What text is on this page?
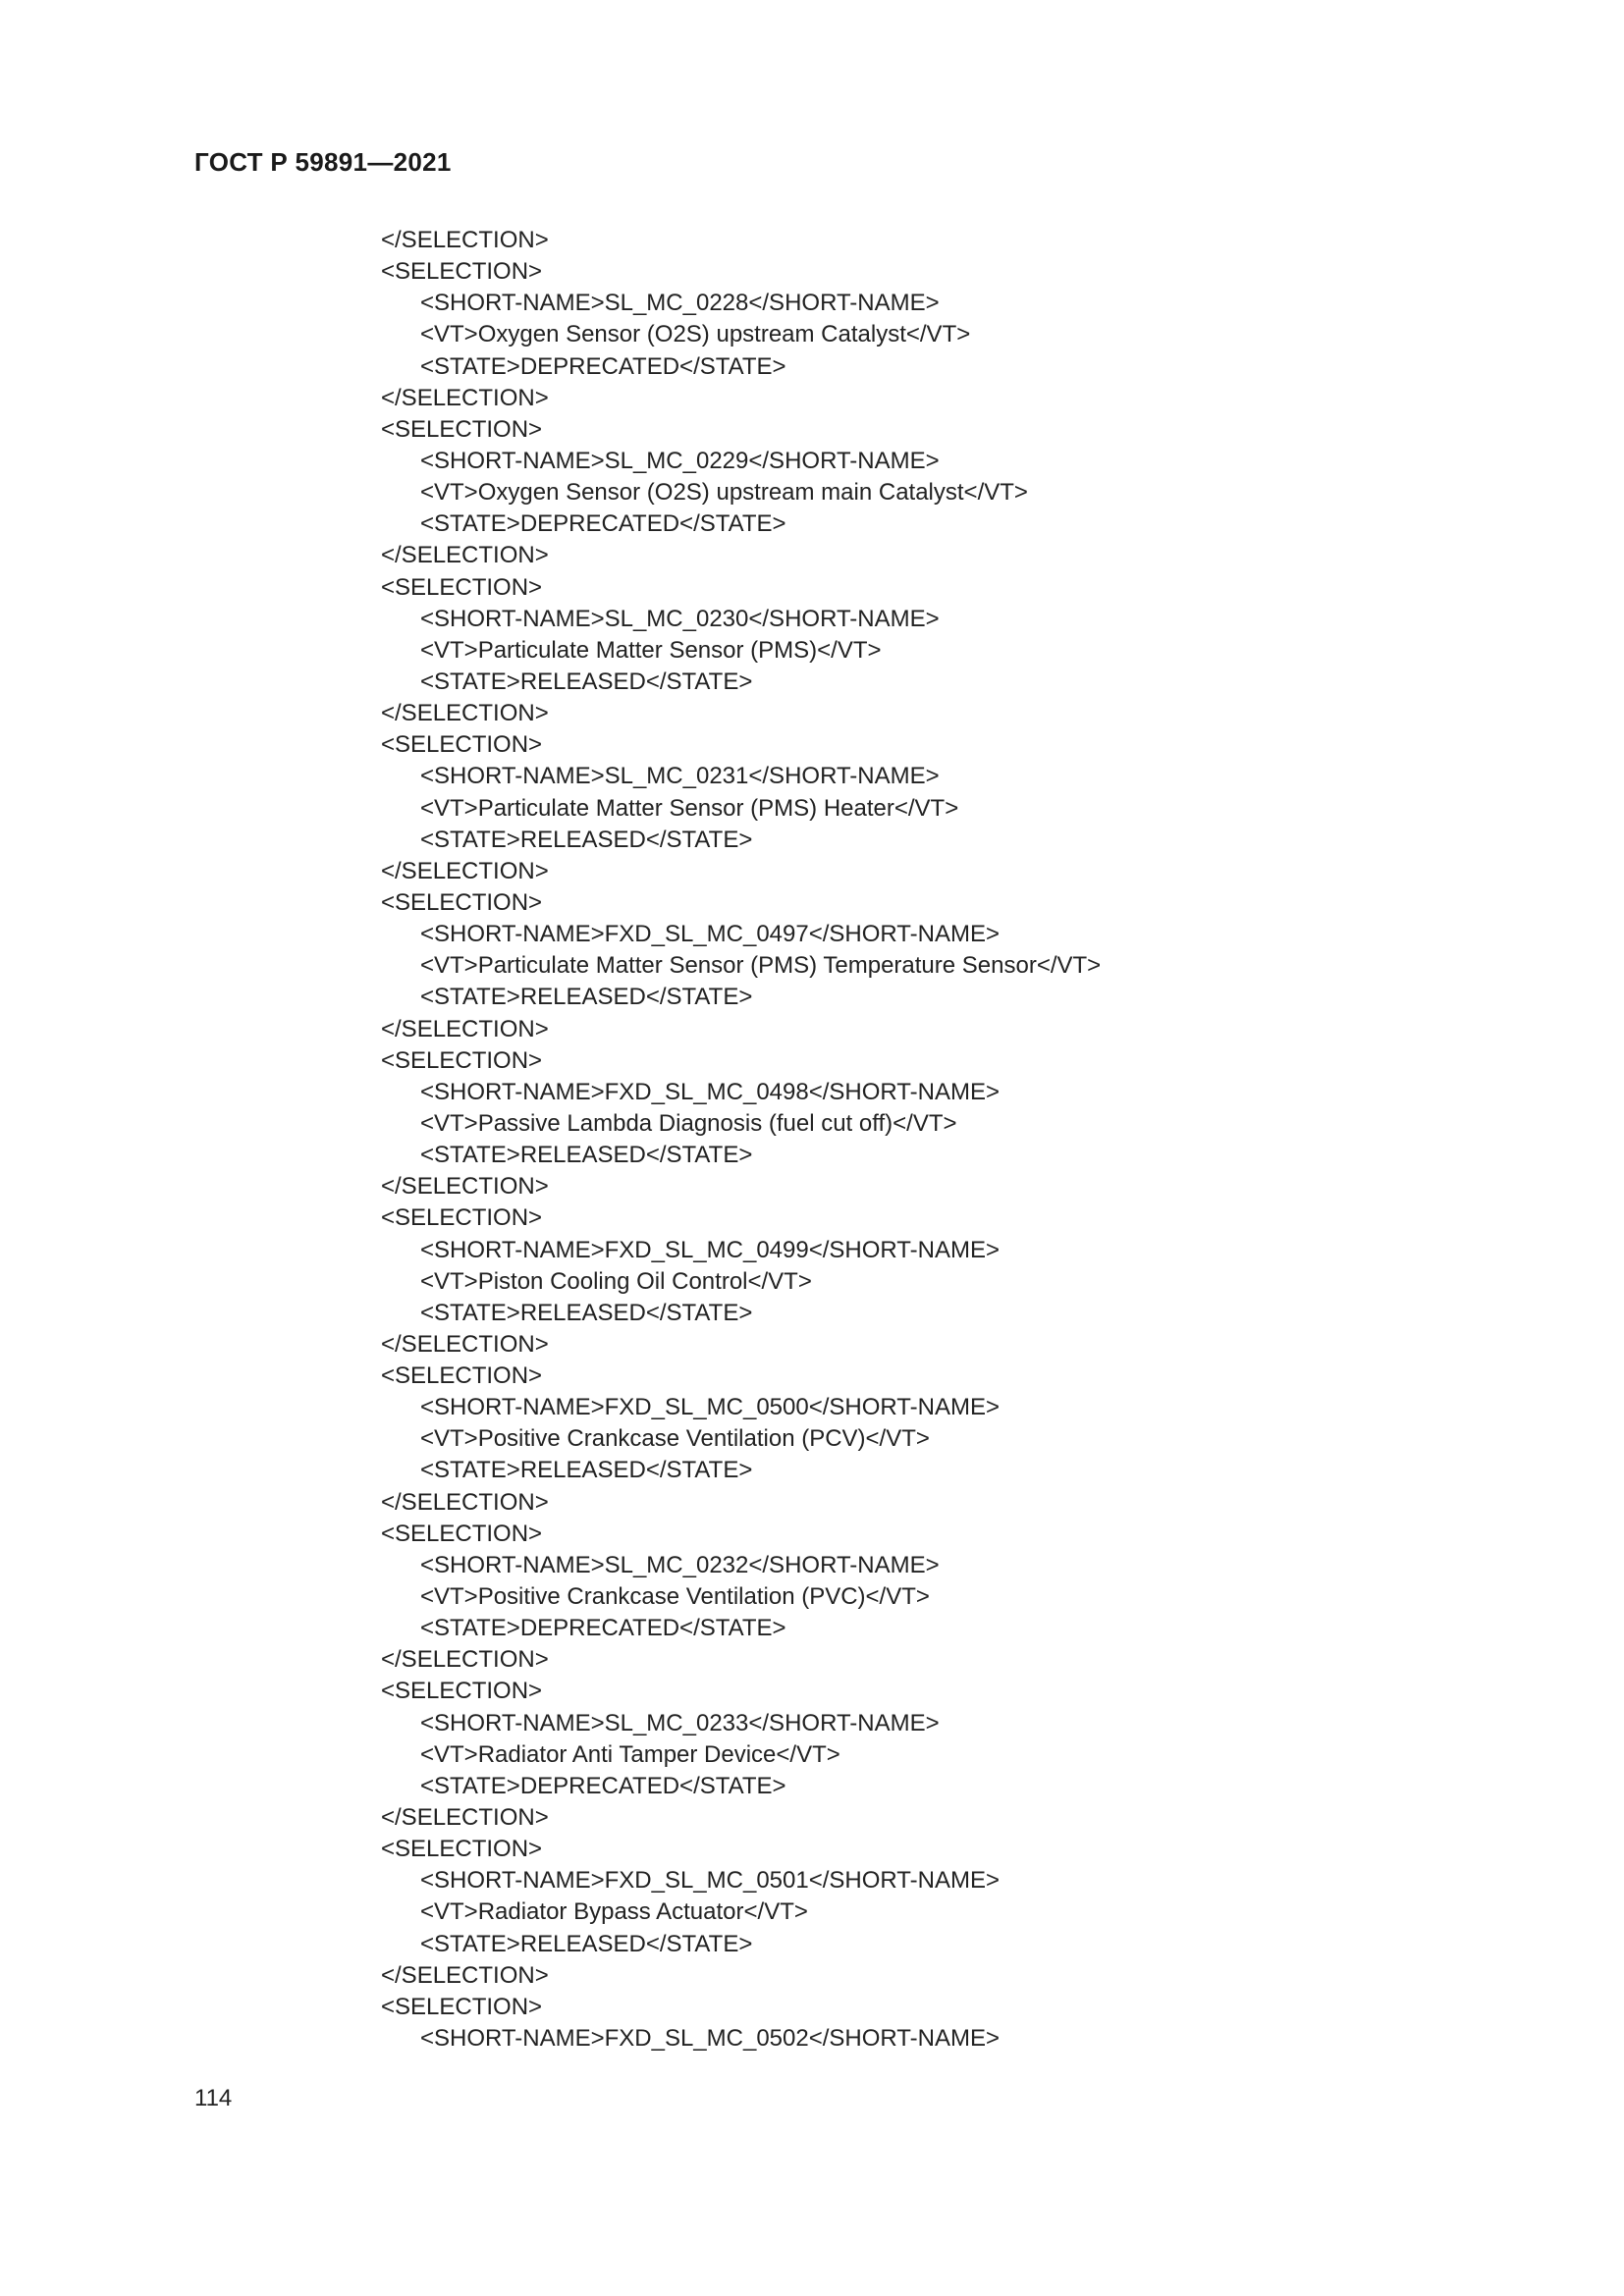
ГОСТ Р 59891—2021
</SELECTION>
<SELECTION>
<SHORT-NAME>SL_MC_0228</SHORT-NAME>
<VT>Oxygen Sensor (O2S) upstream Catalyst</VT>
<STATE>DEPRECATED</STATE>
</SELECTION>
<SELECTION>
<SHORT-NAME>SL_MC_0229</SHORT-NAME>
<VT>Oxygen Sensor (O2S) upstream main Catalyst</VT>
<STATE>DEPRECATED</STATE>
</SELECTION>
<SELECTION>
<SHORT-NAME>SL_MC_0230</SHORT-NAME>
<VT>Particulate Matter Sensor (PMS)</VT>
<STATE>RELEASED</STATE>
</SELECTION>
<SELECTION>
<SHORT-NAME>SL_MC_0231</SHORT-NAME>
<VT>Particulate Matter Sensor (PMS) Heater</VT>
<STATE>RELEASED</STATE>
</SELECTION>
<SELECTION>
<SHORT-NAME>FXD_SL_MC_0497</SHORT-NAME>
<VT>Particulate Matter Sensor (PMS) Temperature Sensor</VT>
<STATE>RELEASED</STATE>
</SELECTION>
<SELECTION>
<SHORT-NAME>FXD_SL_MC_0498</SHORT-NAME>
<VT>Passive Lambda Diagnosis (fuel cut off)</VT>
<STATE>RELEASED</STATE>
</SELECTION>
<SELECTION>
<SHORT-NAME>FXD_SL_MC_0499</SHORT-NAME>
<VT>Piston Cooling Oil Control</VT>
<STATE>RELEASED</STATE>
</SELECTION>
<SELECTION>
<SHORT-NAME>FXD_SL_MC_0500</SHORT-NAME>
<VT>Positive Crankcase Ventilation (PCV)</VT>
<STATE>RELEASED</STATE>
</SELECTION>
<SELECTION>
<SHORT-NAME>SL_MC_0232</SHORT-NAME>
<VT>Positive Crankcase Ventilation (PVC)</VT>
<STATE>DEPRECATED</STATE>
</SELECTION>
<SELECTION>
<SHORT-NAME>SL_MC_0233</SHORT-NAME>
<VT>Radiator Anti Tamper Device</VT>
<STATE>DEPRECATED</STATE>
</SELECTION>
<SELECTION>
<SHORT-NAME>FXD_SL_MC_0501</SHORT-NAME>
<VT>Radiator Bypass Actuator</VT>
<STATE>RELEASED</STATE>
</SELECTION>
<SELECTION>
<SHORT-NAME>FXD_SL_MC_0502</SHORT-NAME>
114
